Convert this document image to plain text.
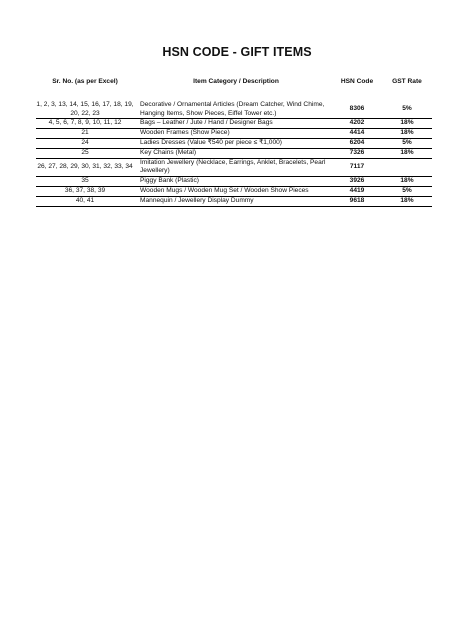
HSN CODE - GIFT ITEMS
Sr. No. (as per Excel)	Item Category / Description	HSN Code	GST Rate
1, 2, 3, 13, 14, 15, 16, 17, 18, 19, 20, 22, 23	Decorative / Ornamental Articles (Dream Catcher, Wind Chime, Hanging Items, Show Pieces, Eiffel Tower etc.)	8306	5%
4, 5, 6, 7, 8, 9, 10, 11, 12	Bags – Leather / Jute / Hand / Designer Bags	4202	18%
21	Wooden Frames (Show Piece)	4414	18%
24	Ladies Dresses (Value ₹540 per piece ≤ ₹1,000)	6204	5%
25	Key Chains (Metal)	7326	18%
26, 27, 28, 29, 30, 31, 32, 33, 34	Imitation Jewellery (Necklace, Earrings, Anklet, Bracelets, Pearl Jewellery)	7117	
35	Piggy Bank (Plastic)	3926	18%
36, 37, 38, 39	Wooden Mugs / Wooden Mug Set / Wooden Show Pieces	4419	5%
40, 41	Mannequin / Jewellery Display Dummy	9618	18%
